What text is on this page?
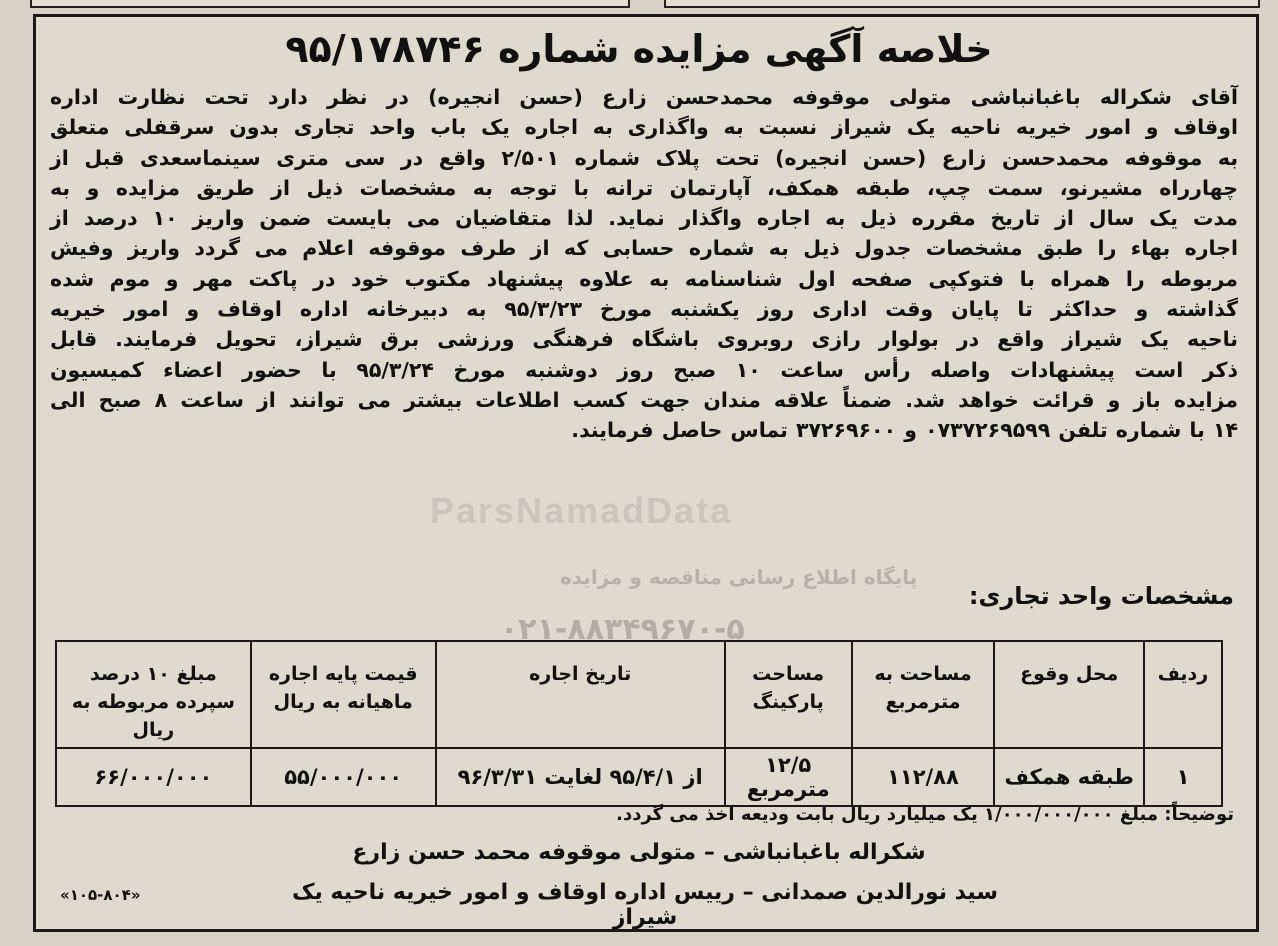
خلاصه آگهی مزایده شماره ۹۵/۱۷۸۷۴۶
آقای شکراله باغبانباشی متولی موقوفه محمدحسن زارع (حسن انجیره) در نظر دارد تحت نظارت اداره
اوقاف و امور خیریه ناحیه یک شیراز نسبت به واگذاری به اجاره یک باب واحد تجاری بدون سرقفلی متعلق
به موقوفه محمدحسن زارع (حسن انجیره) تحت پلاک شماره ۲/۵۰۱ واقع در سی متری سینماسعدی قبل از
چهارراه مشیرنو، سمت چپ، طبقه همکف، آپارتمان ترانه با توجه به مشخصات ذیل از طریق مزایده و به
مدت یک سال از تاریخ مقرره ذیل به اجاره واگذار نماید. لذا متقاضیان می بایست ضمن واریز ۱۰ درصد از
اجاره بهاء را طبق مشخصات جدول ذیل به شماره حسابی که از طرف موقوفه اعلام می گردد واریز وفیش
مربوطه را همراه با فتوکپی صفحه اول شناسنامه به علاوه پیشنهاد مکتوب خود در پاکت مهر و موم شده
گذاشته و حداکثر تا پایان وقت اداری روز یکشنبه مورخ ۹۵/۳/۲۳ به دبیرخانه اداره اوقاف و امور خیریه
ناحیه یک شیراز واقع در بولوار رازی روبروی باشگاه فرهنگی ورزشی برق شیراز، تحویل فرمایند. قابل
ذکر است پیشنهادات واصله رأس ساعت ۱۰ صبح روز دوشنبه مورخ ۹۵/۳/۲۴ با حضور اعضاء کمیسیون
مزایده باز و قرائت خواهد شد. ضمناً علاقه مندان جهت کسب اطلاعات بیشتر می توانند از ساعت ۸ صبح الی
۱۴ با شماره تلفن ۰۷۳۷۲۶۹۵۹۹ و ۳۷۲۶۹۶۰۰ تماس حاصل فرمایند.
ParsNamadData
پایگاه اطلاع رسانی مناقصه و مزایده
۰۲۱-۸۸۳۴۹۶۷۰-۵
مشخصات واحد تجاری:
ردیف	محل وقوع	مساحت به مترمربع	مساحت پارکینگ	تاریخ اجاره	قیمت پایه اجاره ماهیانه به ریال	مبلغ ۱۰ درصد سپرده مربوطه به ریال
۱	طبقه همکف	۱۱۲/۸۸	۱۲/۵ مترمربع	از ۹۵/۴/۱ لغایت ۹۶/۳/۳۱	۵۵/۰۰۰/۰۰۰	۶۶/۰۰۰/۰۰۰
توضیحاً: مبلغ ۱/۰۰۰/۰۰۰/۰۰۰ یک میلیارد ریال بابت ودیعه اخذ می گردد.
شکراله باغبانباشی – متولی موقوفه محمد حسن زارع
سید نورالدین صمدانی – رییس اداره اوقاف و امور خیریه ناحیه یک شیراز
«۱۰۵-۸۰۴»
